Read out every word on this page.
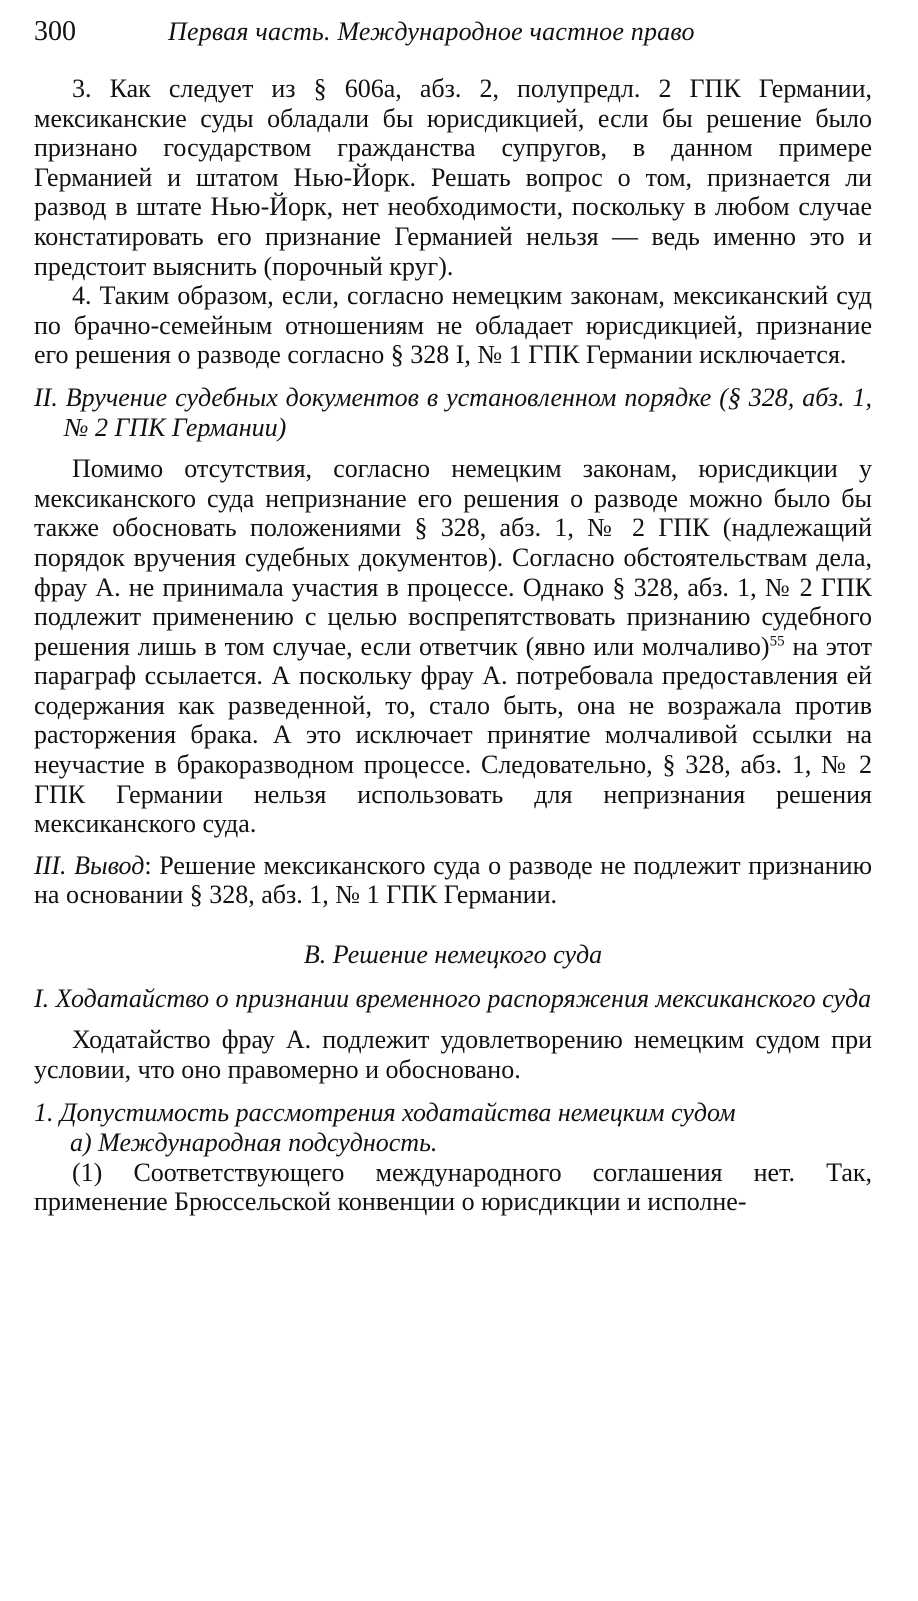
300	Первая часть. Международное частное право

3. Как следует из § 606а, абз. 2, полупредл. 2 ГПК Германии, мексиканские суды обладали бы юрисдикцией, если бы решение было признано государством гражданства супругов, в данном примере Германией и штатом Нью-Йорк. Решать вопрос о том, признается ли развод в штате Нью-Йорк, нет необходимости, поскольку в любом случае констатировать его признание Германией нельзя — ведь именно это и предстоит выяснить (порочный круг).

4. Таким образом, если, согласно немецким законам, мексиканский суд по брачно-семейным отношениям не обладает юрисдикцией, признание его решения о разводе согласно § 328 I, № 1 ГПК Германии исключается.

II. Вручение судебных документов в установленном порядке (§ 328, абз. 1, № 2 ГПК Германии)

Помимо отсутствия, согласно немецким законам, юрисдикции у мексиканского суда непризнание его решения о разводе можно было бы также обосновать положениями § 328, абз. 1, № 2 ГПК (надлежащий порядок вручения судебных документов). Согласно обстоятельствам дела, фрау А. не принимала участия в процессе. Однако § 328, абз. 1, № 2 ГПК подлежит применению с целью воспрепятствовать признанию судебного решения лишь в том случае, если ответчик (явно или молчаливо)$^{55}$ на этот параграф ссылается. А поскольку фрау А. потребовала предоставления ей содержания как разведенной, то, стало быть, она не возражала против расторжения брака. А это исключает принятие молчаливой ссылки на неучастие в бракоразводном процессе. Следовательно, § 328, абз. 1, № 2 ГПК Германии нельзя использовать для непризнания решения мексиканского суда.

III. Вывод: Решение мексиканского суда о разводе не подлежит признанию на основании § 328, абз. 1, № 1 ГПК Германии.

В. Решение немецкого суда
I. Ходатайство о признании временного распоряжения мексиканского суда

Ходатайство фрау А. подлежит удовлетворению немецким судом при условии, что оно правомерно и обосновано.

1. Допустимость рассмотрения ходатайства немецким судом

а) Международная подсудность.

(1) Соответствующего международного соглашения нет. Так, применение Брюссельской конвенции о юрисдикции и исполне-
